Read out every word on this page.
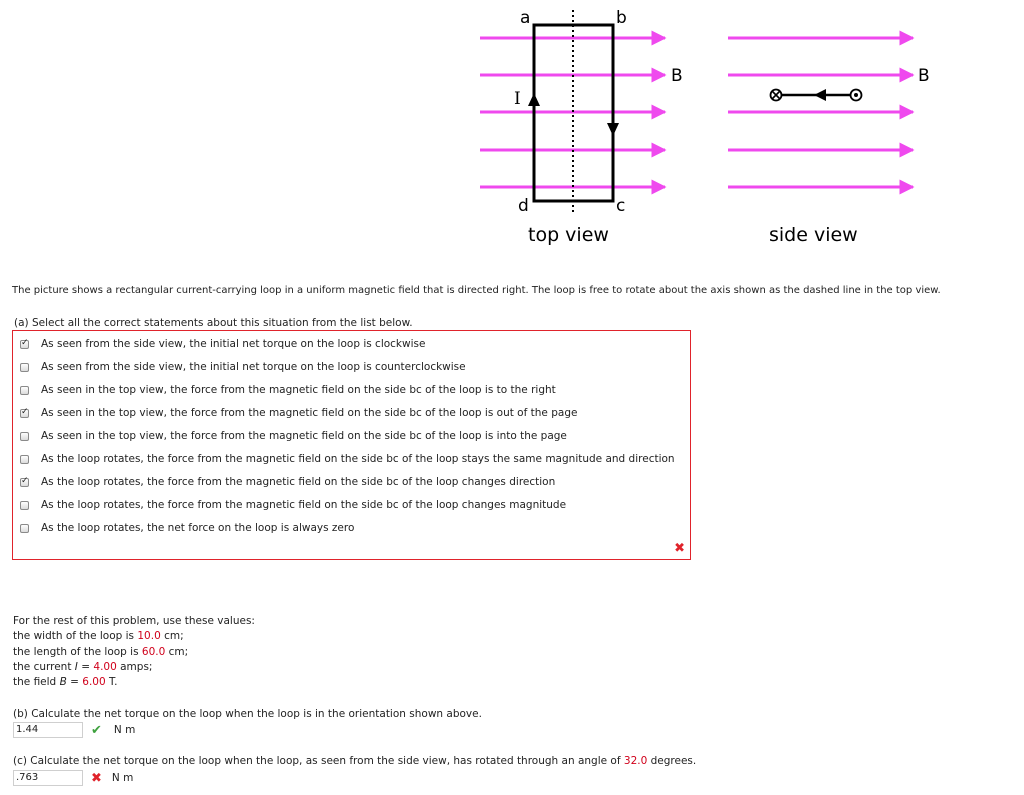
a	b
c
d
I
B
top view
B
side view
The picture shows a rectangular current-carrying loop in a uniform magnetic field that is directed right. The loop is free to rotate about the axis shown as the dashed line in the top view.
(a) Select all the correct statements about this situation from the list below.
✓
As seen from the side view, the initial net torque on the loop is clockwise
As seen from the side view, the initial net torque on the loop is counterclockwise
As seen in the top view, the force from the magnetic field on the side bc of the loop is to the right
✓
As seen in the top view, the force from the magnetic field on the side bc of the loop is out of the page
As seen in the top view, the force from the magnetic field on the side bc of the loop is into the page
As the loop rotates, the force from the magnetic field on the side bc of the loop stays the same magnitude and direction
✓
As the loop rotates, the force from the magnetic field on the side bc of the loop changes direction
As the loop rotates, the force from the magnetic field on the side bc of the loop changes magnitude
As the loop rotates, the net force on the loop is always zero
✖
For the rest of this problem, use these values:
the width of the loop is 10.0 cm;
the length of the loop is 60.0 cm;
the current I = 4.00 amps;
the field B = 6.00 T.
(b) Calculate the net torque on the loop when the loop is in the orientation shown above.
1.44	✔ N m
(c) Calculate the net torque on the loop when the loop, as seen from the side view, has rotated through an angle of 32.0 degrees.
.763	✖ N m
